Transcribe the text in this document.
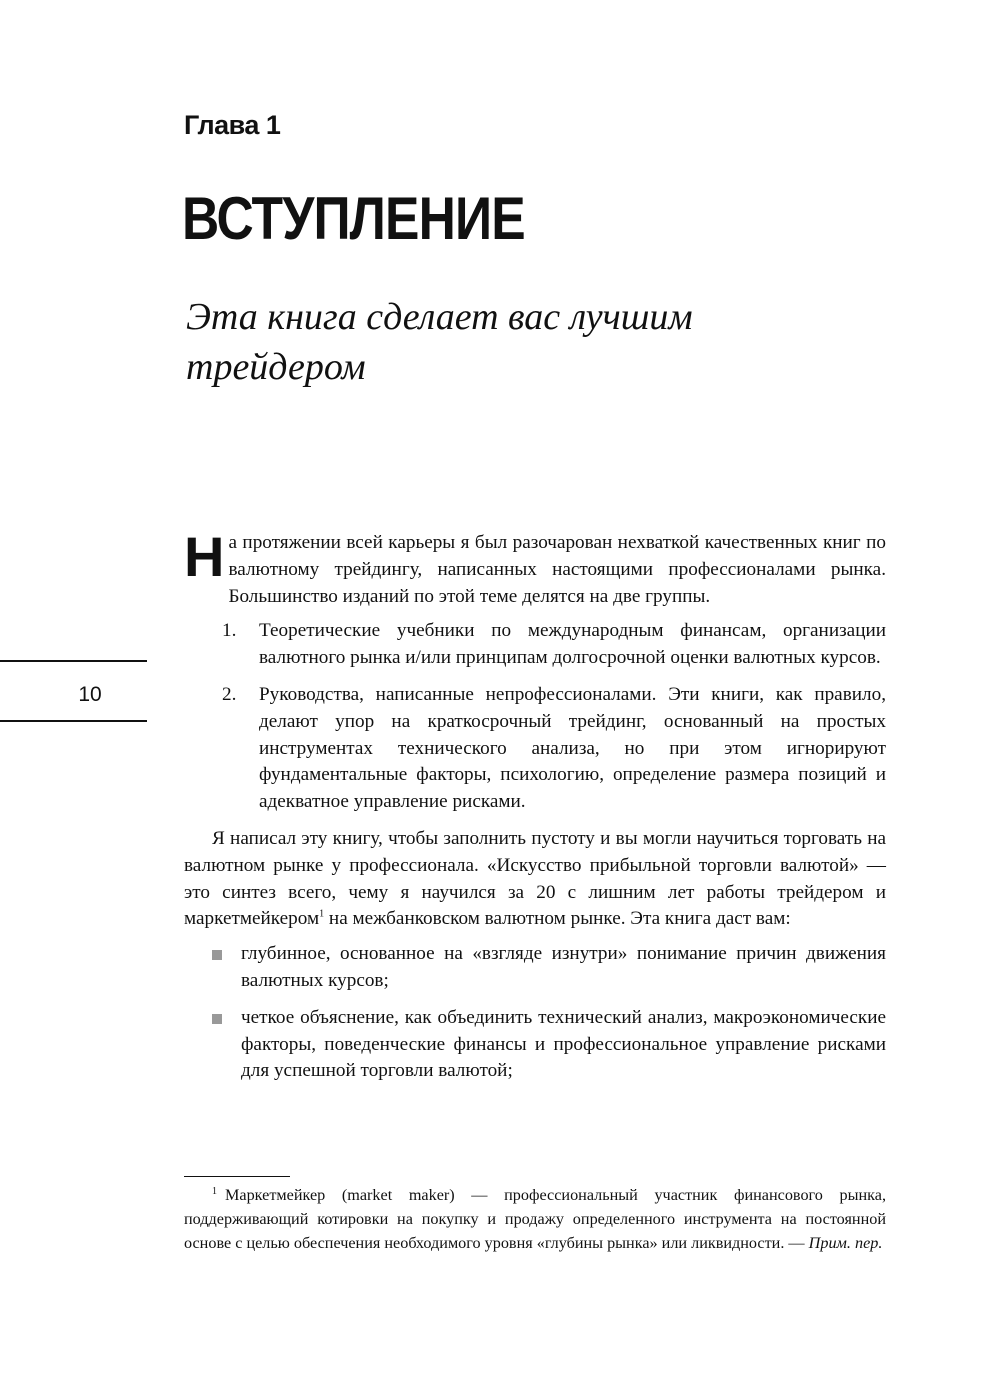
Глава 1
ВСТУПЛЕНИЕ
Эта книга сделает вас лучшим трейдером
10

На протяжении всей карьеры я был разочарован нехваткой качественных книг по валютному трейдингу, написанных настоящими профессионалами рынка. Большинство изданий по этой теме делятся на две группы.

1. Теоретические учебники по международным финансам, организации валютного рынка и/или принципам долгосрочной оценки валютных курсов.
2. Руководства, написанные непрофессионалами. Эти книги, как правило, делают упор на краткосрочный трейдинг, основанный на простых инструментах технического анализа, но при этом игнорируют фундаментальные факторы, психологию, определение размера позиций и адекватное управление рисками.

Я написал эту книгу, чтобы заполнить пустоту и вы могли научиться торговать на валютном рынке у профессионала. «Искусство прибыльной торговли валютой» — это синтез всего, чему я научился за 20 с лишним лет работы трейдером и маркетмейкером$^1$ на межбанковском валютном рынке. Эта книга даст вам:

глубинное, основанное на «взгляде изнутри» понимание причин движения валютных курсов;
четкое объяснение, как объединить технический анализ, макроэкономические факторы, поведенческие финансы и профессиональное управление рисками для успешной торговли валютой;
$^1$ Маркетмейкер (market maker) — профессиональный участник финансового рынка, поддерживающий котировки на покупку и продажу определенного инструмента на постоянной основе с целью обеспечения необходимого уровня «глубины рынка» или ликвидности. — Прим. пер.
